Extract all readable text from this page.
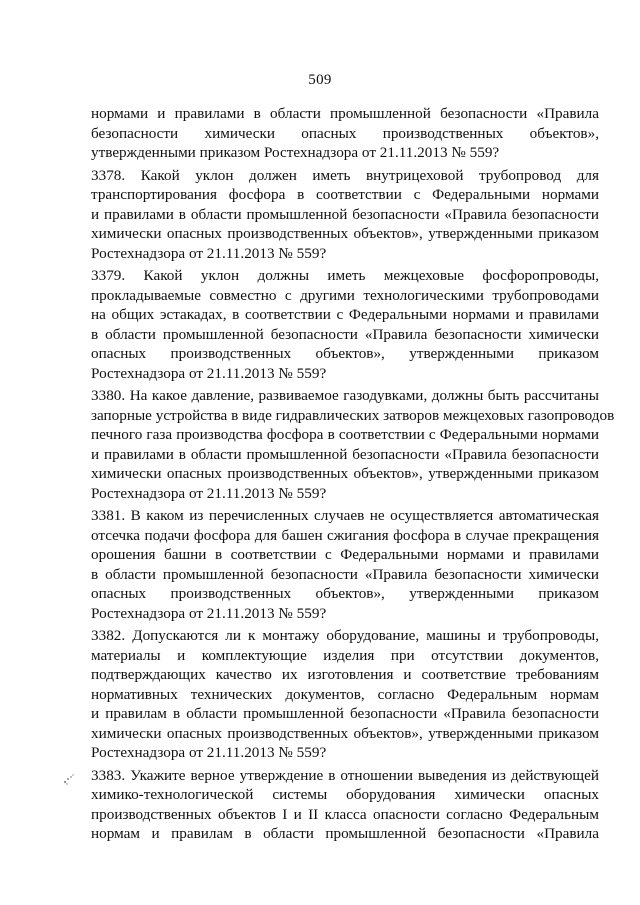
509
нормами и правилами в области промышленной безопасности «Правила
безопасности химически опасных производственных объектов»,
утвержденными приказом Ростехнадзора от 21.11.2013 № 559?
3378. Какой уклон должен иметь внутрицеховой трубопровод для
транспортирования фосфора в соответствии с Федеральными нормами
и правилами в области промышленной безопасности «Правила безопасности
химически опасных производственных объектов», утвержденными приказом
Ростехнадзора от 21.11.2013 № 559?
3379. Какой уклон должны иметь межцеховые фосфоропроводы,
прокладываемые совместно с другими технологическими трубопроводами
на общих эстакадах, в соответствии с Федеральными нормами и правилами
в области промышленной безопасности «Правила безопасности химически
опасных производственных объектов», утвержденными приказом
Ростехнадзора от 21.11.2013 № 559?
3380. На какое давление, развиваемое газодувками, должны быть рассчитаны
запорные устройства в виде гидравлических затворов межцеховых газопроводов
печного газа производства фосфора в соответствии с Федеральными нормами
и правилами в области промышленной безопасности «Правила безопасности
химически опасных производственных объектов», утвержденными приказом
Ростехнадзора от 21.11.2013 № 559?
3381. В каком из перечисленных случаев не осуществляется автоматическая
отсечка подачи фосфора для башен сжигания фосфора в случае прекращения
орошения башни в соответствии с Федеральными нормами и правилами
в области промышленной безопасности «Правила безопасности химически
опасных производственных объектов», утвержденными приказом
Ростехнадзора от 21.11.2013 № 559?
3382. Допускаются ли к монтажу оборудование, машины и трубопроводы,
материалы и комплектующие изделия при отсутствии документов,
подтверждающих качество их изготовления и соответствие требованиям
нормативных технических документов, согласно Федеральным нормам
и правилам в области промышленной безопасности «Правила безопасности
химически опасных производственных объектов», утвержденными приказом
Ростехнадзора от 21.11.2013 № 559?
3383. Укажите верное утверждение в отношении выведения из действующей
химико-технологической системы оборудования химически опасных
производственных объектов I и II класса опасности согласно Федеральным
нормам и правилам в области промышленной безопасности «Правила
